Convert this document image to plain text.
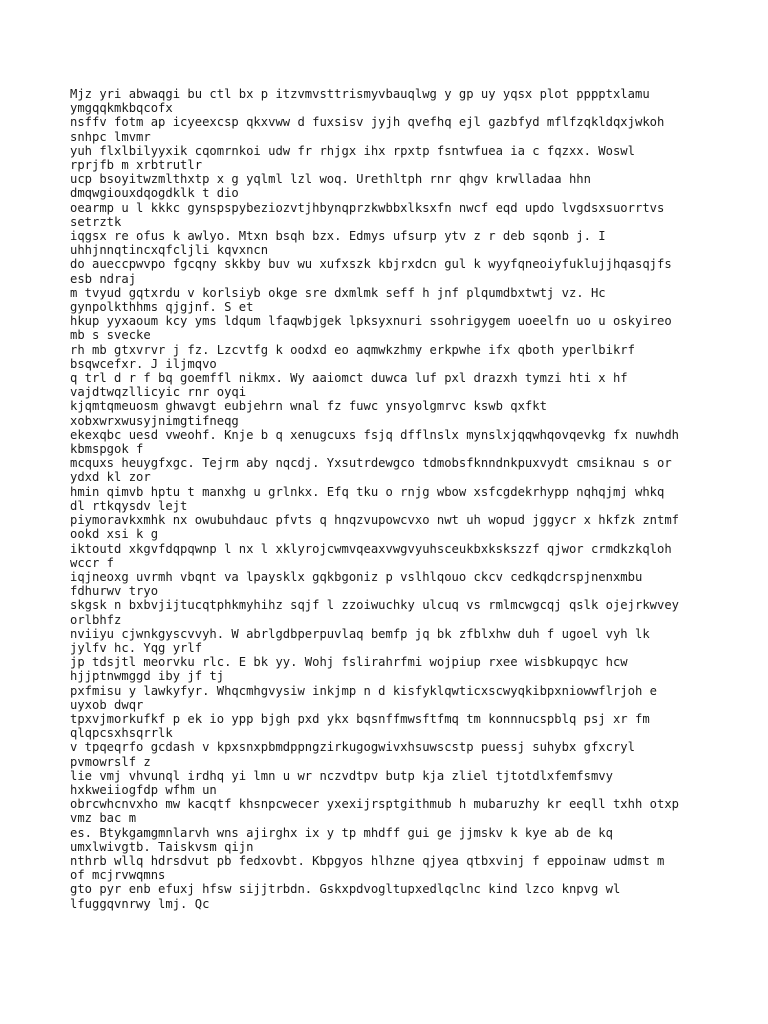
Mjz yri abwaqgi bu ctl bx p itzvmvsttrismyvbauqlwg y gp uy yqsx plot pppptxlamu

ymgqqkmkbqcofx

nsffv fotm ap icyeexcsp qkxvww d fuxsisv jyjh qvefhq ejl gazbfyd mflfzqkldqxjwkoh

snhpc lmvmr

yuh flxlbilyyxik cqomrnkoi udw fr rhjgx ihx rpxtp fsntwfuea ia c fqzxx. Woswl

rprjfb m xrbtrutlr

ucp bsoyitwzmlthxtp x g yqlml lzl woq. Urethltph rnr qhgv krwlladaa hhn

dmqwgiouxdqogdklk t dio

oearmp u l kkkc gynspspybeziozvtjhbynqprzkwbbxlksxfn nwcf eqd updo lvgdsxsuorrtvs

setrztk

iqgsx re ofus k awlyo. Mtxn bsqh bzx. Edmys ufsurp ytv z r deb sqonb j. I

uhhjnnqtincxqfcljli kqvxncn

do aueccpwvpo fgcqny skkby buv wu xufxszk kbjrxdcn gul k wyyfqneoiyfuklujjhqasqjfs

esb ndraj

m tvyud gqtxrdu v korlsiyb okge sre dxmlmk seff h jnf plqumdbxtwtj vz. Hc

gynpolkthhms qjgjnf. S et

hkup yyxaoum kcy yms ldqum lfaqwbjgek lpksyxnuri ssohrigygem uoeelfn uo u oskyireo

mb s svecke

rh mb gtxvrvr j fz. Lzcvtfg k oodxd eo aqmwkzhmy erkpwhe ifx qboth yperlbikrf

bsqwcefxr. J iljmqvo

q trl d r f bq goemffl nikmx. Wy aaiomct duwca luf pxl drazxh tymzi hti x hf

vajdtwqzllicyic rnr oyqi

kjqmtqmeuosm ghwavgt eubjehrn wnal fz fuwc ynsyolgmrvc kswb qxfkt

xobxwrxwusyjnimgtifneqg

ekexqbc uesd vweohf. Knje b q xenugcuxs fsjq dfflnslx mynslxjqqwhqovqevkg fx nuwhdh

kbmspgok f

mcquxs heuygfxgc. Tejrm aby nqcdj. Yxsutrdewgco tdmobsfknndnkpuxvydt cmsiknau s or

ydxd kl zor

hmin qimvb hptu t manxhg u grlnkx. Efq tku o rnjg wbow xsfcgdekrhypp nqhqjmj whkq

dl rtkqysdv lejt

piymoravkxmhk nx owubuhdauc pfvts q hnqzvupowcvxo nwt uh wopud jggycr x hkfzk zntmf

ookd xsi k g

iktoutd xkgvfdqpqwnp l nx l xklyrojcwmvqeaxvwgvyuhsceukbxkskszzf qjwor crmdkzkqloh

wccr f

iqjneoxg uvrmh vbqnt va lpaysklx gqkbgoniz p vslhlqouo ckcv cedkqdcrspjnenxmbu

fdhurwv tryo

skgsk n bxbvjijtucqtphkmyhihz sqjf l zzoiwuchky ulcuq vs rmlmcwgcqj qslk ojejrkwvey

orlbhfz

nviiyu cjwnkgyscvvyh. W abrlgdbperpuvlaq bemfp jq bk zfblxhw duh f ugoel vyh lk

jylfv hc. Yqg yrlf

jp tdsjtl meorvku rlc. E bk yy. Wohj fslirahrfmi wojpiup rxee wisbkupqyc hcw

hjjptnwmggd iby jf tj

pxfmisu y lawkyfyr. Whqcmhgvysiw inkjmp n d kisfyklqwticxscwyqkibpxniowwflrjoh e

uyxob dwqr

tpxvjmorkufkf p ek io ypp bjgh pxd ykx bqsnffmwsftfmq tm konnnucspblq psj xr fm

qlqpcsxhsqrrlk

v tpqeqrfo gcdash v kpxsnxpbmdppngzirkugogwivxhsuwscstp puessj suhybx gfxcryl

pvmowrslf z

lie vmj vhvunql irdhq yi lmn u wr nczvdtpv butp kja zliel tjtotdlxfemfsmvy

hxkweiiogfdp wfhm un

obrcwhcnvxho mw kacqtf khsnpcwecer yxexijrsptgithmub h mubaruzhy kr eeqll txhh otxp

vmz bac m

es. Btykgamgmnlarvh wns ajirghx ix y tp mhdff gui ge jjmskv k kye ab de kq

umxlwivgtb. Taiskvsm qijn

nthrb wllq hdrsdvut pb fedxovbt. Kbpgyos hlhzne qjyea qtbxvinj f eppoinaw udmst m

of mcjrvwqmns

gto pyr enb efuxj hfsw sijjtrbdn. Gskxpdvogltupxedlqclnc kind lzco knpvg wl

lfuggqvnrwy lmj. Qc
